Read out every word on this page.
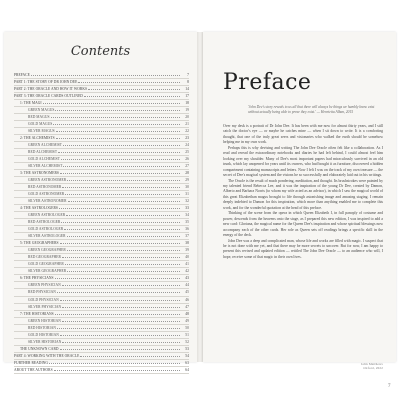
Contents
PREFACE	7
PART 1: THE STORY OF DR JOHN DEE	8
PART 2: THE ORACLE AND HOW IT WORKS	14
PART 3: THE ORACLE CARDS OUTLINED	17
1: THE MAGI	18
GREEN MAGUS	19
RED MAGUS	20
GOLD MAGUS	21
SILVER MAGUS	22
2: THE ALCHEMISTS	23
GREEN ALCHEMIST	24
RED ALCHEMIST	25
GOLD ALCHEMIST	26
SILVER ALCHEMIST	27
3: THE ASTRONOMERS	28
GREEN ASTRONOMER	29
RED ASTRONOMER	30
GOLD ASTRONOMER	31
SILVER ASTRONOMER	32
4: THE ASTROLOGERS	33
GREEN ASTROLOGER	34
RED ASTROLOGER	35
GOLD ASTROLOGER	36
SILVER ASTROLOGER	37
5: THE GEOGRAPHERS	38
GREEN GEOGRAPHER	39
RED GEOGRAPHER	40
GOLD GEOGRAPHER	41
SILVER GEOGRAPHER	42
6: THE PHYSICIANS	43
GREEN PHYSICIAN	44
RED PHYSICIAN	45
GOLD PHYSICIAN	46
SILVER PHYSICIAN	47
7: THE HISTORIANS	48
GREEN HISTORIAN	49
RED HISTORIAN	50
GOLD HISTORIAN	51
SILVER HISTORIAN	52
THE UNKNOWN CARD	53
PART 4: WORKING WITH THE ORACLE	54
FURTHER READING	63
ABOUT THE AUTHORS	64
Preface
'John Dee's story reveals to us all that there will always be things we humbly know exist without actually being able to prove they exist.' — Henrietta Alban, 2015

Over my desk is a portrait of Dr John Dee. It has been with me now for almost thirty years, and I still catch the doctor's eye — or maybe he catches mine — when I sit down to write. It is a comforting thought, that one of the truly great seers and visionaries who walked the earth should be somehow helping me in my own work.

Perhaps this is why devising and writing The John Dee Oracle often felt like a collaboration. As I read and reread the extraordinary notebooks and diaries he had left behind, I could almost feel him looking over my shoulder. Many of Dee's most important papers had miraculously survived in an old trunk, which lay unopened for years until its owners, who had bought it as furniture, discovered a hidden compartment containing manuscripts and letters. Now I felt I was on the track of my own treasure — the secret of Dee's magical system and the visions he so successfully and elaborately laid out in his writings.

The Oracle is the result of much pondering, meditation, and thought. Its brushstrokes were painted by my talented friend Rebecca Lee, and it was the inspiration of the young Dr Dee, created by Damon, Alberto and Barbara Norris (to whom my wife acted as an advisor), in which I saw the magical world of this great Elizabethan magus brought to life through astonishing image and amazing staging. I remain deeply indebted to Damon for this inspiration, which more than anything enabled me to complete this work, and for the wonderful quotation at the head of this preface.

Thinking of the scene from the opera in which Queen Elizabeth I, in full panoply of costume and power, descends from the heavens onto the stage, as I prepared this new edition, I was inspired to add a new card: Gloriana, the magical name for the Queen Dee's inspiration and whose spiritual blessings now accompany each of the other cards. Her role as Queen sets off readings brings a specific skill in the energy of the deck.

John Dee was a deep and complicated man, whose life and works are filled with magic. I suspect that he is not done with me yet, and that there may be more secrets to uncover. But for now, I am happy to present this revised and updated edition — retitled The John Dee Oracle — to an audience who will, I hope, receive some of that magic in their own lives.

John Matthews
Oxford, 2022
7
